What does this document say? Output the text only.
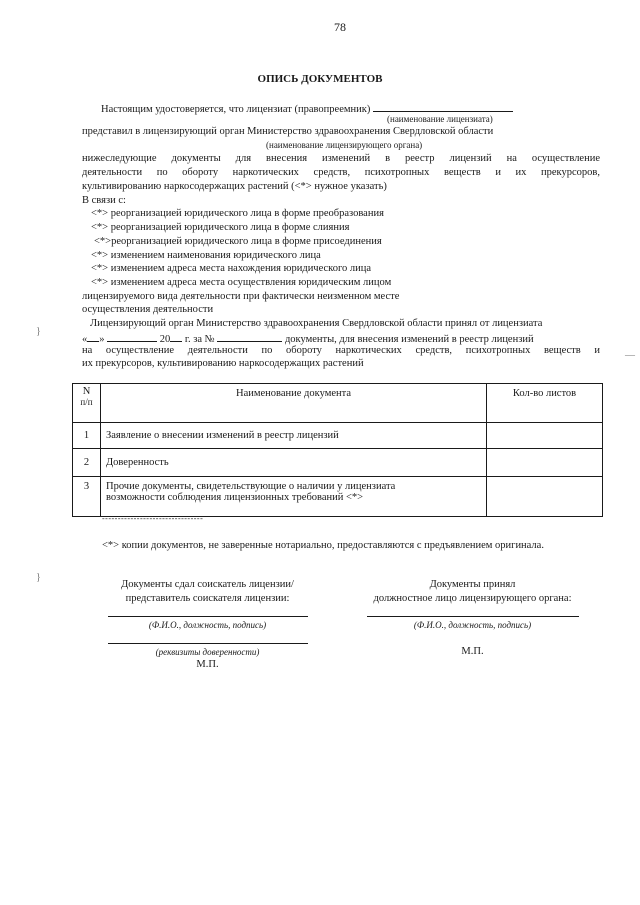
78
ОПИСЬ ДОКУМЕНТОВ
Настоящим удостоверяется, что лицензиат (правопреемник)
(наименование лицензиата)
представил в лицензирующий орган Министерство здравоохранения Свердловской области
(наименование лицензирующего органа)
нижеследующие документы для внесения изменений в реестр лицензий на осуществление
деятельности по обороту наркотических средств, психотропных веществ и их прекурсоров,
культивированию наркосодержащих растений (<*> нужное указать)
В связи с:
<*> реорганизацией юридического лица в форме преобразования
<*> реорганизацией юридического лица в форме слияния
<*>реорганизацией юридического лица в форме присоединения
<*> изменением наименования юридического лица
<*> изменением адреса места нахождения юридического лица
<*> изменением адреса места осуществления юридическим лицом
лицензируемого вида деятельности при фактически неизменном месте
осуществления деятельности
Лицензирующий орган Министерство здравоохранения Свердловской области принял от лицензиата
« »	20 г. за №	документы, для внесения изменений в реестр лицензий
на осуществление деятельности по обороту наркотических средств, психотропных веществ и
их прекурсоров, культивированию наркосодержащих растений
N
п/п	Наименование документа	Кол-во листов
1	Заявление о внесении изменений в реестр лицензий	
2	Доверенность	
3	Прочие документы, свидетельствующие о наличии у лицензиата
возможности соблюдения лицензионных требований <*>	

--------------------------------
<*> копии документов, не заверенные нотариально, предоставляются с предъявлением оригинала.
Документы сдал соискатель лицензии/
представитель соискателя лицензии:
(Ф.И.О., должность, подпись)
(реквизиты доверенности)
М.П.
Документы принял
должностное лицо лицензирующего органа:
(Ф.И.О., должность, подпись)
М.П.
}
}
—
